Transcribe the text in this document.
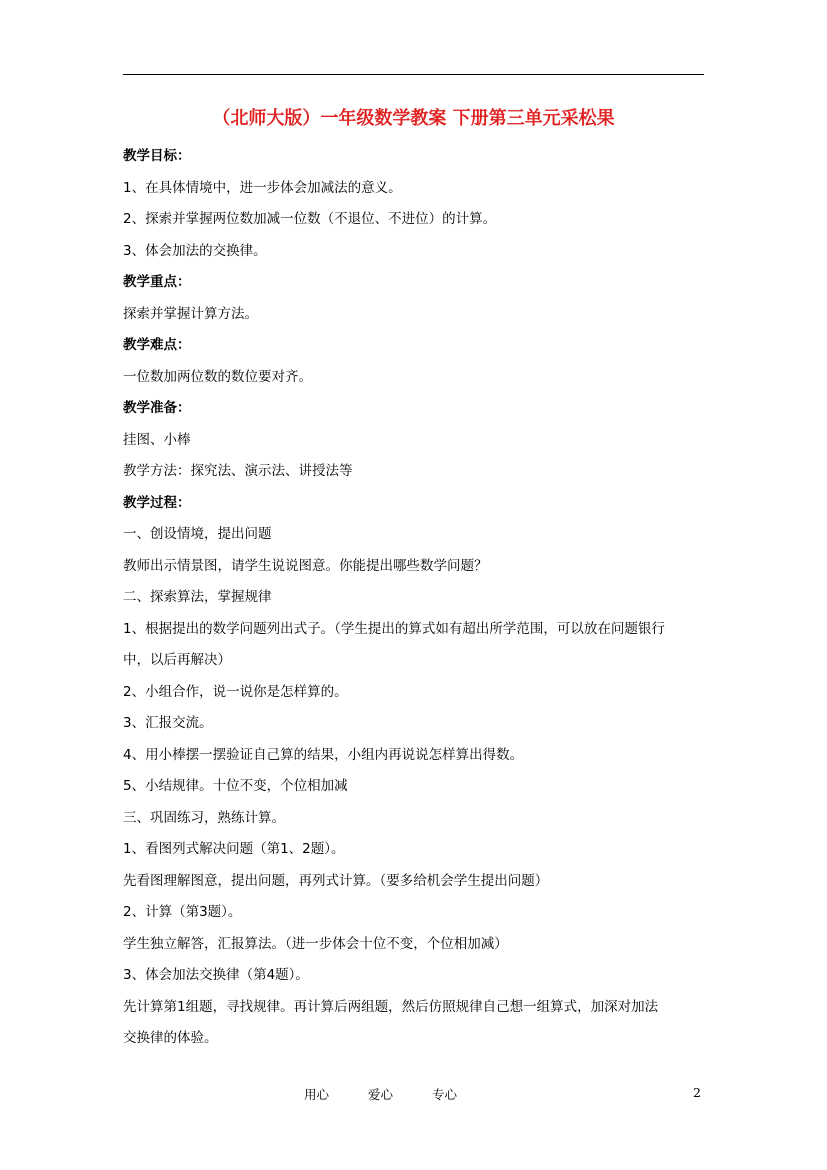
（北师大版）一年级数学教案 下册第三单元采松果
教学目标：
1、在具体情境中，进一步体会加减法的意义。
2、探索并掌握两位数加减一位数（不退位、不进位）的计算。
3、体会加法的交换律。
教学重点：
探索并掌握计算方法。
教学难点：
一位数加两位数的数位要对齐。
教学准备：
挂图、小棒
教学方法：探究法、演示法、讲授法等
教学过程：
一、创设情境，提出问题
教师出示情景图，请学生说说图意。你能提出哪些数学问题？
二、探索算法，掌握规律
1、根据提出的数学问题列出式子。（学生提出的算式如有超出所学范围，可以放在问题银行
中，以后再解决）
2、小组合作，说一说你是怎样算的。
3、汇报交流。
4、用小棒摆一摆验证自己算的结果，小组内再说说怎样算出得数。
5、小结规律。十位不变，个位相加减
三、巩固练习，熟练计算。
1、看图列式解决问题（第1、2题）。
先看图理解图意，提出问题，再列式计算。（要多给机会学生提出问题）
2、计算（第3题）。
学生独立解答，汇报算法。（进一步体会十位不变，个位相加减）
3、体会加法交换律（第4题）。
先计算第1组题，寻找规律。再计算后两组题，然后仿照规律自己想一组算式，加深对加法
交换律的体验。
用心	爱心	专心	2
